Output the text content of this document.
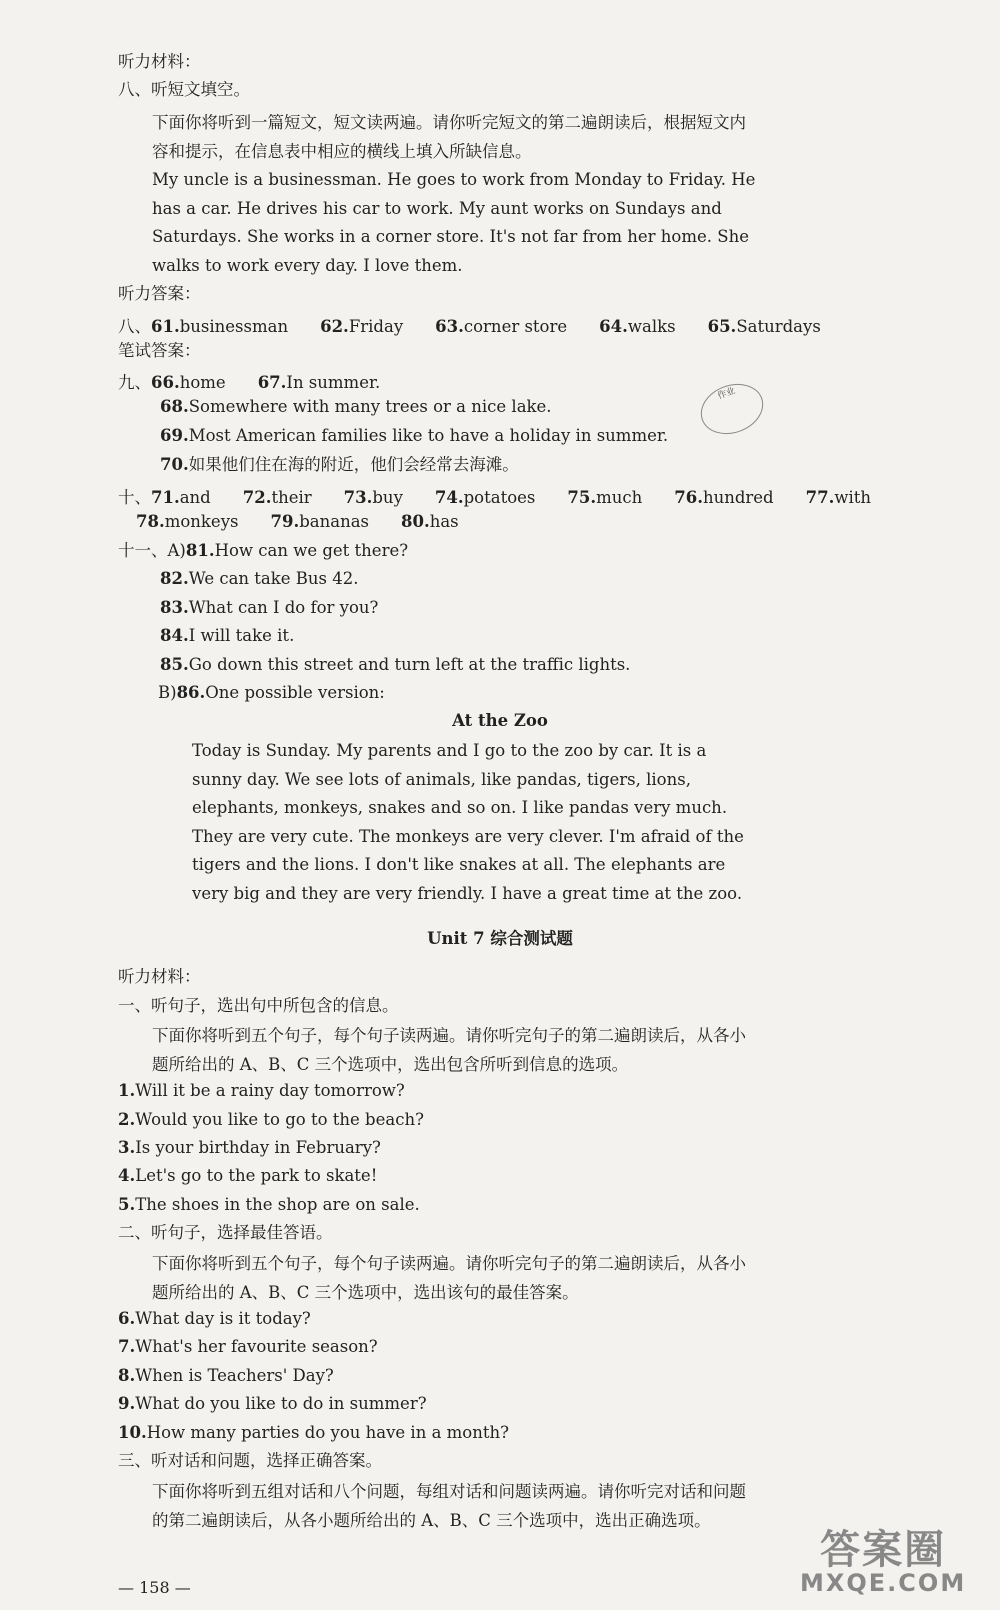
听力材料：
八、听短文填空。
下面你将听到一篇短文，短文读两遍。请你听完短文的第二遍朗读后，根据短文内容和提示，在信息表中相应的横线上填入所缺信息。
My uncle is a businessman. He goes to work from Monday to Friday. He has a car. He drives his car to work. My aunt works on Sundays and Saturdays. She works in a corner store. It's not far from her home. She walks to work every day. I love them.
听力答案：
八、61.businessman 62.Friday 63.corner store 64.walks 65.Saturdays
笔试答案：
九、66.home 67.In summer.
68.Somewhere with many trees or a nice lake.
69.Most American families like to have a holiday in summer.
70.如果他们住在海的附近，他们会经常去海滩。
十、71.and 72.their 73.buy 74.potatoes 75.much 76.hundred 77.with
78.monkeys 79.bananas 80.has
十一、A)81.How can we get there?
82.We can take Bus 42.
83.What can I do for you?
84.I will take it.
85.Go down this street and turn left at the traffic lights.
B)86.One possible version:
At the Zoo
Today is Sunday. My parents and I go to the zoo by car. It is a sunny day. We see lots of animals, like pandas, tigers, lions, elephants, monkeys, snakes and so on. I like pandas very much. They are very cute. The monkeys are very clever. I'm afraid of the tigers and the lions. I don't like snakes at all. The elephants are very big and they are very friendly. I have a great time at the zoo.
Unit 7 综合测试题
听力材料：
一、听句子，选出句中所包含的信息。
下面你将听到五个句子，每个句子读两遍。请你听完句子的第二遍朗读后，从各小题所给出的 A、B、C 三个选项中，选出包含所听到信息的选项。
1.Will it be a rainy day tomorrow?
2.Would you like to go to the beach?
3.Is your birthday in February?
4.Let's go to the park to skate!
5.The shoes in the shop are on sale.
二、听句子，选择最佳答语。
下面你将听到五个句子，每个句子读两遍。请你听完句子的第二遍朗读后，从各小题所给出的 A、B、C 三个选项中，选出该句的最佳答案。
6.What day is it today?
7.What's her favourite season?
8.When is Teachers' Day?
9.What do you like to do in summer?
10.How many parties do you have in a month?
三、听对话和问题，选择正确答案。
下面你将听到五组对话和八个问题，每组对话和问题读两遍。请你听完对话和问题的第二遍朗读后，从各小题所给出的 A、B、C 三个选项中，选出正确选项。
作业
答案圈
MXQE.COM
— 158 —
